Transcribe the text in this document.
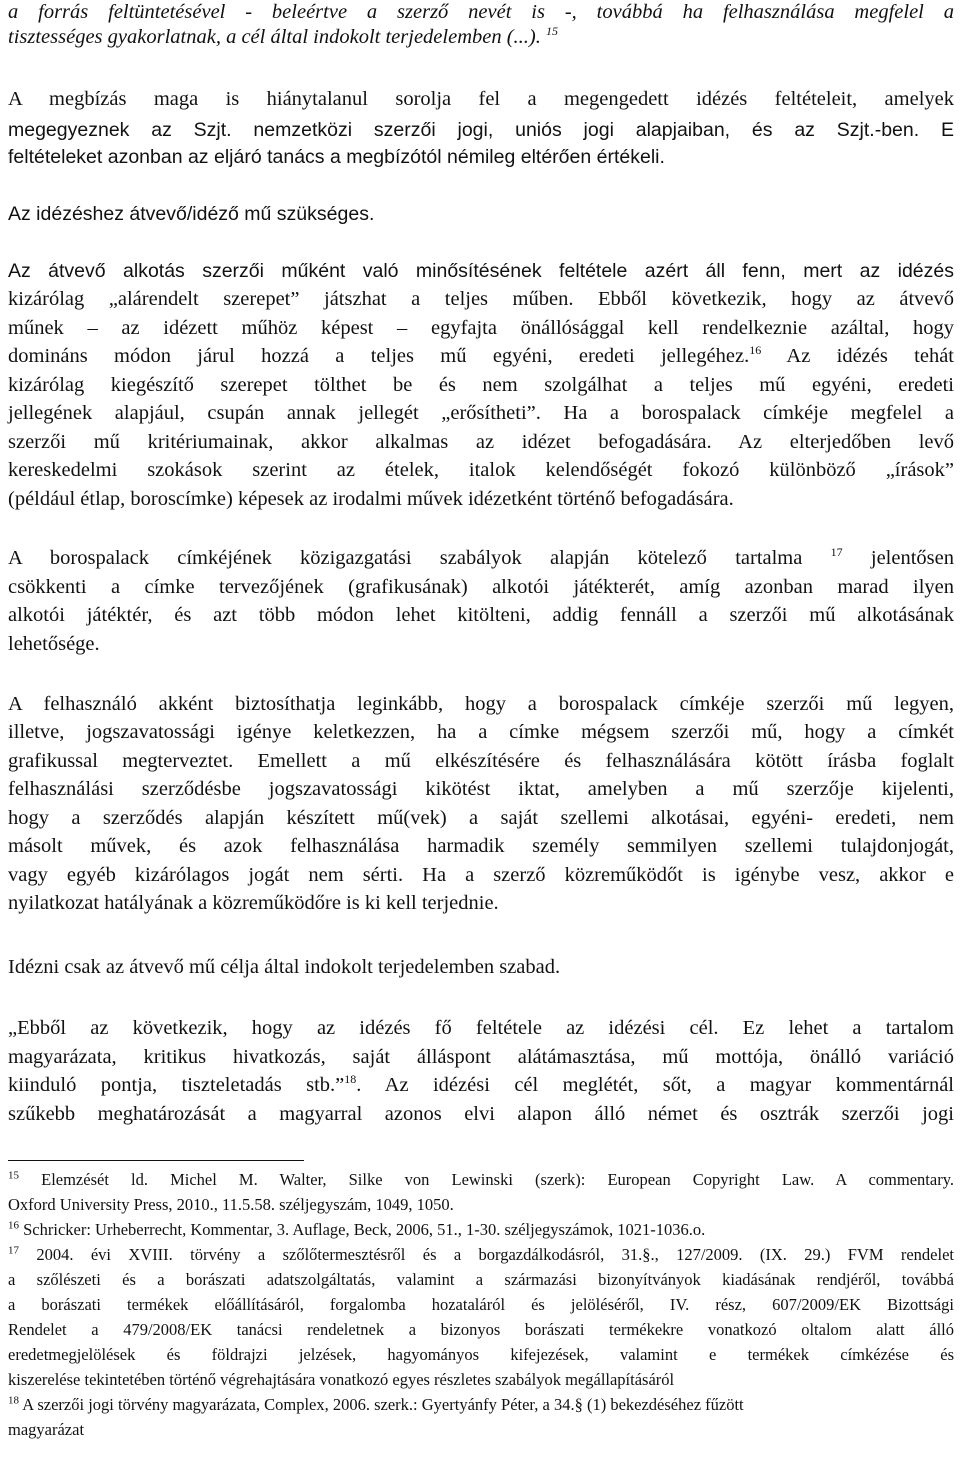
a forrás feltüntetésével - beleértve a szerző nevét is -, továbbá ha felhasználása megfelel a
tisztességes gyakorlatnak, a cél által indokolt terjedelemben (...). $^{15}$
A megbízás maga is hiánytalanul sorolja fel a megengedett idézés feltételeit, amelyek
megegyeznek az Szjt. nemzetközi szerzői jogi, uniós jogi alapjaiban, és az Szjt.-ben. E
feltételeket azonban az eljáró tanács a megbízótól némileg eltérően értékeli.
Az idézéshez átvevő/idéző mű szükséges.
Az átvevő alkotás szerzői műként való minősítésének feltétele azért áll fenn, mert az idézés
kizárólag „alárendelt szerepet” játszhat a teljes műben. Ebből következik, hogy az átvevő
műnek – az idézett műhöz képest – egyfajta önállósággal kell rendelkeznie azáltal, hogy
domináns módon járul hozzá a teljes mű egyéni, eredeti jellegéhez.$^{16}$ Az idézés tehát
kizárólag kiegészítő szerepet tölthet be és nem szolgálhat a teljes mű egyéni, eredeti
jellegének alapjául, csupán annak jellegét „erősítheti”. Ha a borospalack címkéje megfelel a
szerzői mű kritériumainak, akkor alkalmas az idézet befogadására. Az elterjedőben levő
kereskedelmi szokások szerint az ételek, italok kelendőségét fokozó különböző „írások”
(például étlap, boroscímke) képesek az irodalmi művek idézetként történő befogadására.
A borospalack címkéjének közigazgatási szabályok alapján kötelező tartalma $^{17}$ jelentősen
csökkenti a címke tervezőjének (grafikusának) alkotói játékterét, amíg azonban marad ilyen
alkotói játéktér, és azt több módon lehet kitölteni, addig fennáll a szerzői mű alkotásának
lehetősége.
A felhasználó akként biztosíthatja leginkább, hogy a borospalack címkéje szerzői mű legyen,
illetve, jogszavatossági igénye keletkezzen, ha a címke mégsem szerzői mű, hogy a címkét
grafikussal megterveztet. Emellett a mű elkészítésére és felhasználására kötött írásba foglalt
felhasználási szerződésbe jogszavatossági kikötést iktat, amelyben a mű szerzője kijelenti,
hogy a szerződés alapján készített mű(vek) a saját szellemi alkotásai, egyéni- eredeti, nem
másolt művek, és azok felhasználása harmadik személy semmilyen szellemi tulajdonjogát,
vagy egyéb kizárólagos jogát nem sérti. Ha a szerző közreműködőt is igénybe vesz, akkor e
nyilatkozat hatályának a közreműködőre is ki kell terjednie.
Idézni csak az átvevő mű célja által indokolt terjedelemben szabad.
„Ebből az következik, hogy az idézés fő feltétele az idézési cél. Ez lehet a tartalom
magyarázata, kritikus hivatkozás, saját álláspont alátámasztása, mű mottója, önálló variáció
kiinduló pontja, tiszteletadás stb.”$^{18}$. Az idézési cél meglétét, sőt, a magyar kommentárnál
szűkebb meghatározását a magyarral azonos elvi alapon álló német és osztrák szerzői jogi
$^{15}$ Elemzését ld. Michel M. Walter, Silke von Lewinski (szerk): European Copyright Law. A commentary.
Oxford University Press, 2010., 11.5.58. széljegyszám, 1049, 1050.
$^{16}$ Schricker: Urheberrecht, Kommentar, 3. Auflage, Beck, 2006, 51., 1-30. széljegyszámok, 1021-1036.o.
$^{17}$ 2004. évi XVIII. törvény a szőlőtermesztésről és a borgazdálkodásról, 31.§., 127/2009. (IX. 29.) FVM rendelet
a szőlészeti és a borászati adatszolgáltatás, valamint a származási bizonyítványok kiadásának rendjéről, továbbá
a borászati termékek előállításáról, forgalomba hozataláról és jelöléséről, IV. rész, 607/2009/EK Bizottsági
Rendelet a 479/2008/EK tanácsi rendeletnek a bizonyos borászati termékekre vonatkozó oltalom alatt álló
eredetmegjelölések és földrajzi jelzések, hagyományos kifejezések, valamint e termékek címkézése és
kiszerelése tekintetében történő végrehajtására vonatkozó egyes részletes szabályok megállapításáról
$^{18}$ A szerzői jogi törvény magyarázata, Complex, 2006. szerk.: Gyertyánfy Péter, a 34.§ (1) bekezdéséhez fűzött
magyarázat
